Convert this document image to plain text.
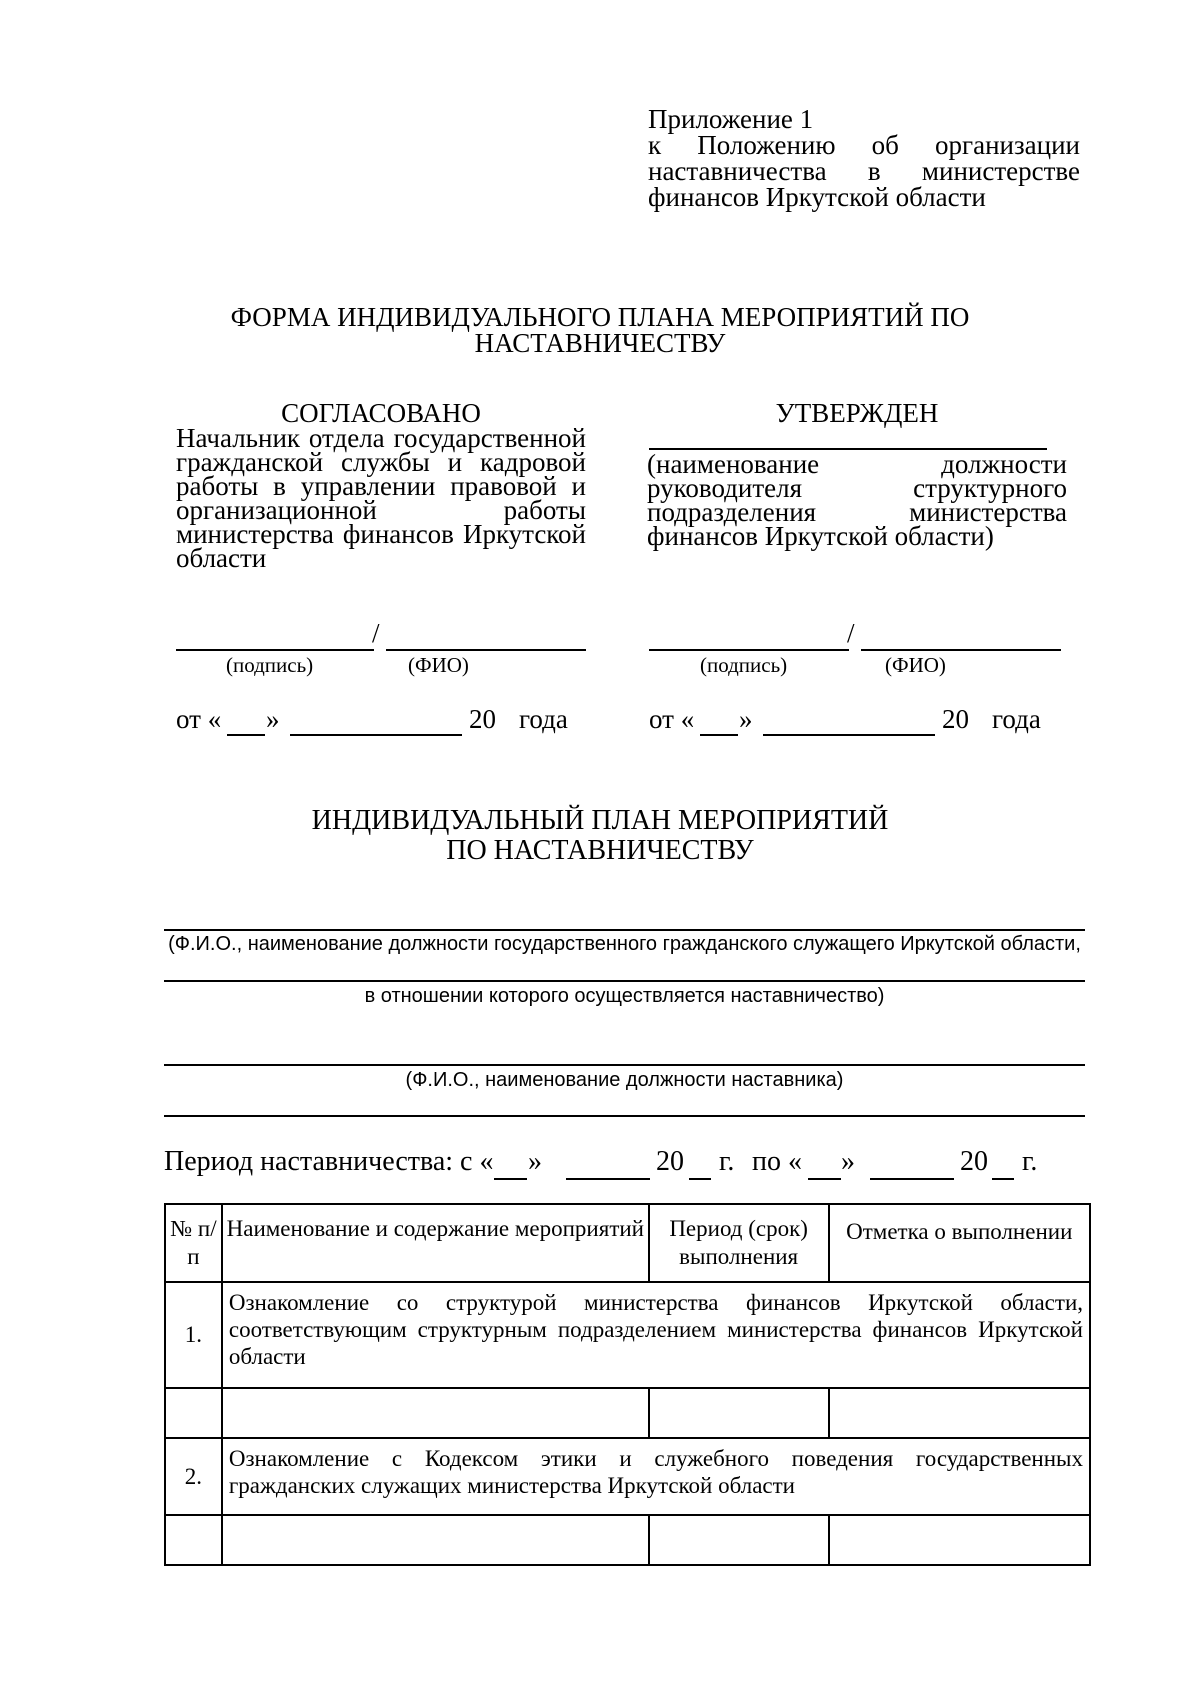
Приложение 1
к Положению об организации
наставничества в министерстве
финансов Иркутской области
ФОРМА ИНДИВИДУАЛЬНОГО ПЛАНА МЕРОПРИЯТИЙ ПО
НАСТАВНИЧЕСТВУ
СОГЛАСОВАНО
Начальник отдела государственной гражданской службы и кадровой работы в управлении правовой и организационной работы министерства финансов Иркутской области
УТВЕРЖДЕН
(наименование должности руководителя структурного подразделения министерства финансов Иркутской области)
/
(подпись)	(ФИО)
/
(подпись)	(ФИО)
от « »	20 года	от « »	20 года
ИНДИВИДУАЛЬНЫЙ ПЛАН МЕРОПРИЯТИЙ
ПО НАСТАВНИЧЕСТВУ
(Ф.И.О., наименование должности государственного гражданского служащего Иркутской области,
в отношении которого осуществляется наставничество)
(Ф.И.О., наименование должности наставника)
Период наставничества: с « »	20 г. по « »	20 г.
№ п/п	Наименование и содержание мероприятий	Период (срок) выполнения	Отметка о выполнении
1.	Ознакомление со структурой министерства финансов Иркутской области, соответствующим структурным подразделением министерства финансов Иркутской области		

2.	Ознакомление с Кодексом этики и служебного поведения государственных гражданских служащих министерства Иркутской области		
